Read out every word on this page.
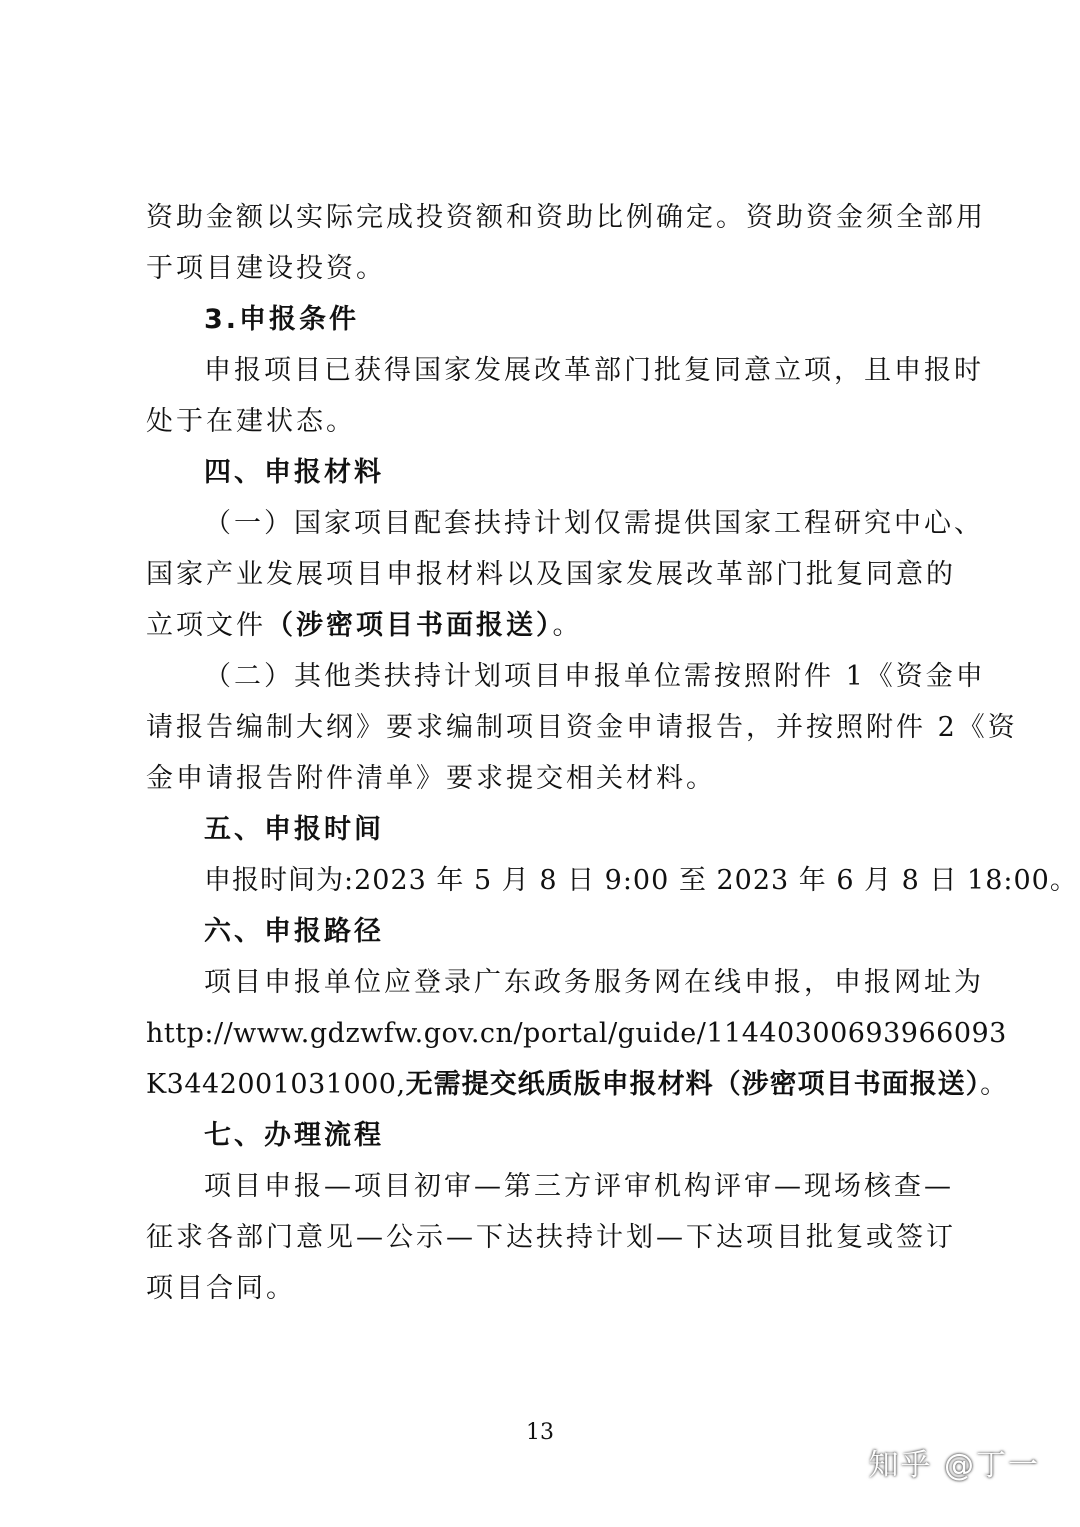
资助金额以实际完成投资额和资助比例确定。资助资金须全部用
于项目建设投资。

3.申报条件

申报项目已获得国家发展改革部门批复同意立项，且申报时
处于在建状态。

四、申报材料

（一）国家项目配套扶持计划仅需提供国家工程研究中心、
国家产业发展项目申报材料以及国家发展改革部门批复同意的
立项文件（涉密项目书面报送）。

（二）其他类扶持计划项目申报单位需按照附件 1《资金申
请报告编制大纲》要求编制项目资金申请报告，并按照附件 2《资
金申请报告附件清单》要求提交相关材料。

五、申报时间

申报时间为:2023 年 5 月 8 日 9:00 至 2023 年 6 月 8 日 18:00。

六、申报路径

项目申报单位应登录广东政务服务网在线申报，申报网址为
http://www.gdzwfw.gov.cn/portal/guide/11440300693966093
K3442001031000,无需提交纸质版申报材料（涉密项目书面报送）。

七、办理流程

项目申报—项目初审—第三方评审机构评审—现场核查—
征求各部门意见—公示—下达扶持计划—下达项目批复或签订
项目合同。

13
知乎 @丁一
